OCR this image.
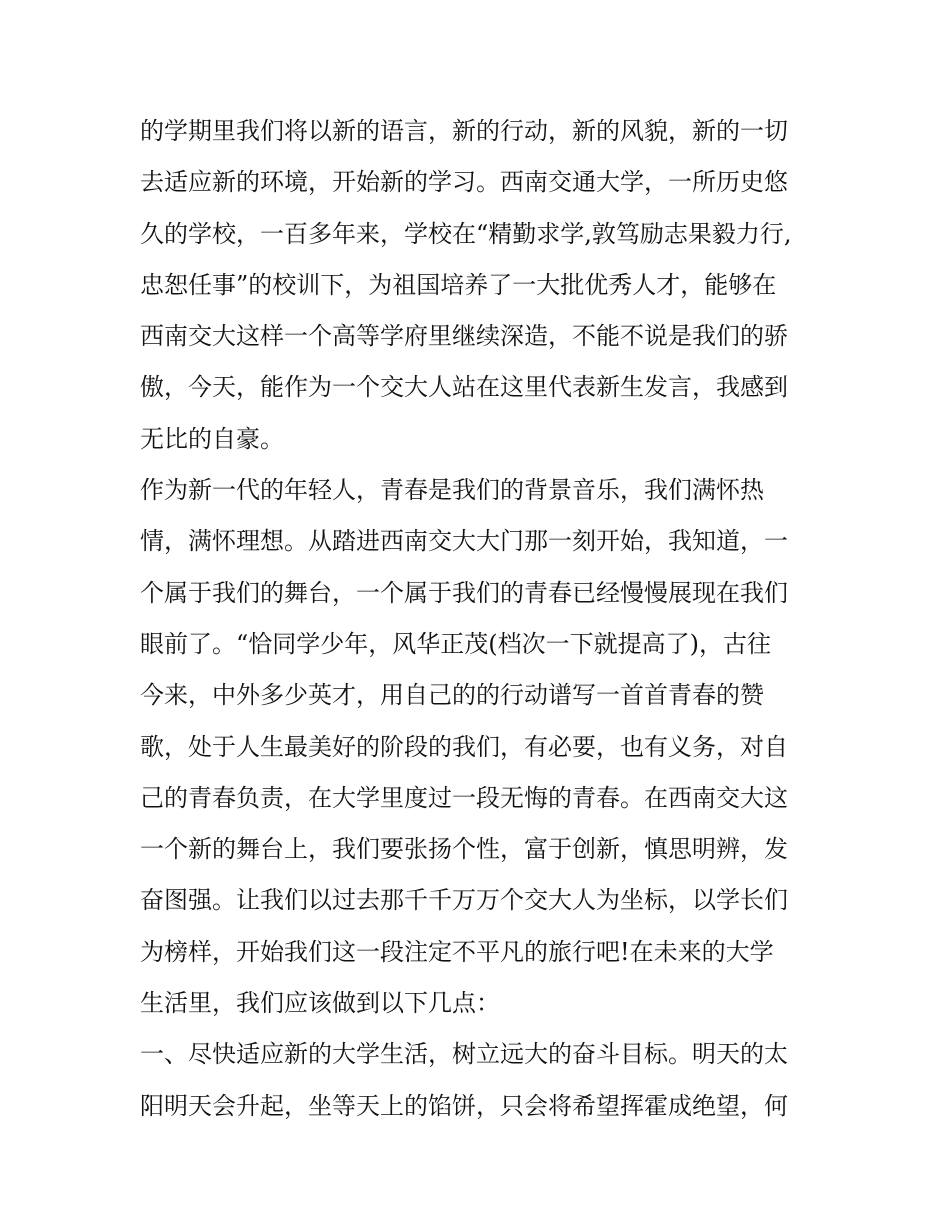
的学期里我们将以新的语言，新的行动，新的风貌，新的一切
去适应新的环境，开始新的学习。西南交通大学，一所历史悠
久的学校，一百多年来，学校在“精勤求学,敦笃励志果毅力行,
忠恕任事”的校训下，为祖国培养了一大批优秀人才，能够在
西南交大这样一个高等学府里继续深造，不能不说是我们的骄
傲，今天，能作为一个交大人站在这里代表新生发言，我感到
无比的自豪。
作为新一代的年轻人，青春是我们的背景音乐，我们满怀热
情，满怀理想。从踏进西南交大大门那一刻开始，我知道，一
个属于我们的舞台，一个属于我们的青春已经慢慢展现在我们
眼前了。“恰同学少年，风华正茂(档次一下就提高了)，古往
今来，中外多少英才，用自己的的行动谱写一首首青春的赞
歌，处于人生最美好的阶段的我们，有必要，也有义务，对自
己的青春负责，在大学里度过一段无悔的青春。在西南交大这
一个新的舞台上，我们要张扬个性，富于创新，慎思明辨，发
奋图强。让我们以过去那千千万万个交大人为坐标，以学长们
为榜样，开始我们这一段注定不平凡的旅行吧!在未来的大学
生活里，我们应该做到以下几点：
一、尽快适应新的大学生活，树立远大的奋斗目标。明天的太
阳明天会升起，坐等天上的馅饼，只会将希望挥霍成绝望，何
